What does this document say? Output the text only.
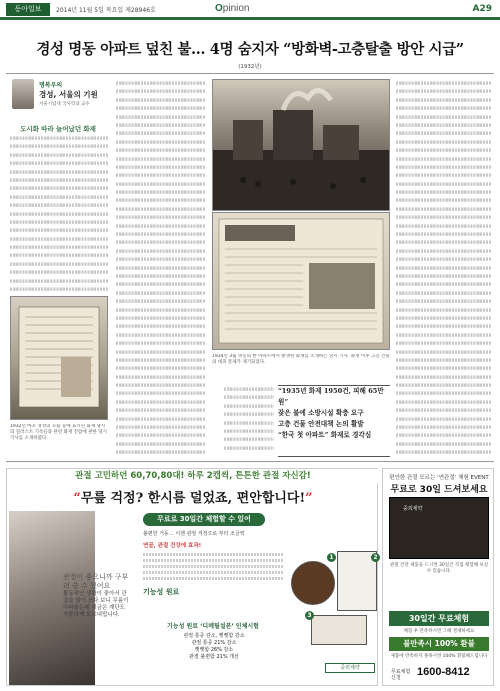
동아일보	2014년 11월 5일 목요일 제28946호	Opinion	A29
경성 명동 아파트 덮친 불… 4명 숨지자 “방화벽-고층탈출 방안 시급”
(1932년)
명복우의
경성, 서울의 기원
서울시립대 국사학과 교수
도시화 따라 늘어났던 화재
1932년 마포 경성의 모습 등에 표시된 화재 당시의 일러스트 기록들과 관련 화재 진압에 관한 당시 기사를 소개하였다.
1934년 3월 명동의 한 아파트에서 발생한 화재를 소개하는 당시 기사. 화재 이후 고층 건물의 대피 문제가 제기되었다.
“1935년 화재 1950건, 피해 65만원”
잦은 불에 소방시설 확충 요구
고층 건물 안전대책 논의 활발
“한국 첫 아파트” 화재로 경각심
관절 고민하던 60,70,80대! 하루 2캡씩, 튼튼한 관절 자신감!
“무릎 걱정? 한시름 덜었죠, 편안합니다!”
관절이 좋으니까 구부러 쓸 수 있어요
활동적인 생활이 좋아서 관절을 많이 쓰다 보니 무릎이 아파왔는데 지금은 계단도 가뿐하게 오르내립니다.
무료로 30일간 체험할 수 있어
불편한 거동… 이젠 관절 걱정으로 부터 조금씩
연골, 관절 건강에 효과!
기능성 원료
기능성 원료 ‘디메틸설폰’ 인체시험
관절 통증 감소, 뻣뻣함 감소
관절 통증 21% 감소
뻣뻣함 26% 감소
관절 불편함 21% 개선
1	2
3
중외제약
편안한 관절 모르는 ‘연관절’ 체험 EVENT
무료로 30일 드셔보세요
중외제약
관절 건강 제품을 드시면 30일간 직접 체험해 보실 수 있습니다.
30일간 무료체험
체험 후 만족하시면 그때 결제하세요
불만족시 100% 환불
제품에 만족하지 못하시면 100% 환불해드립니다
무료체험 신청	1600-8412
